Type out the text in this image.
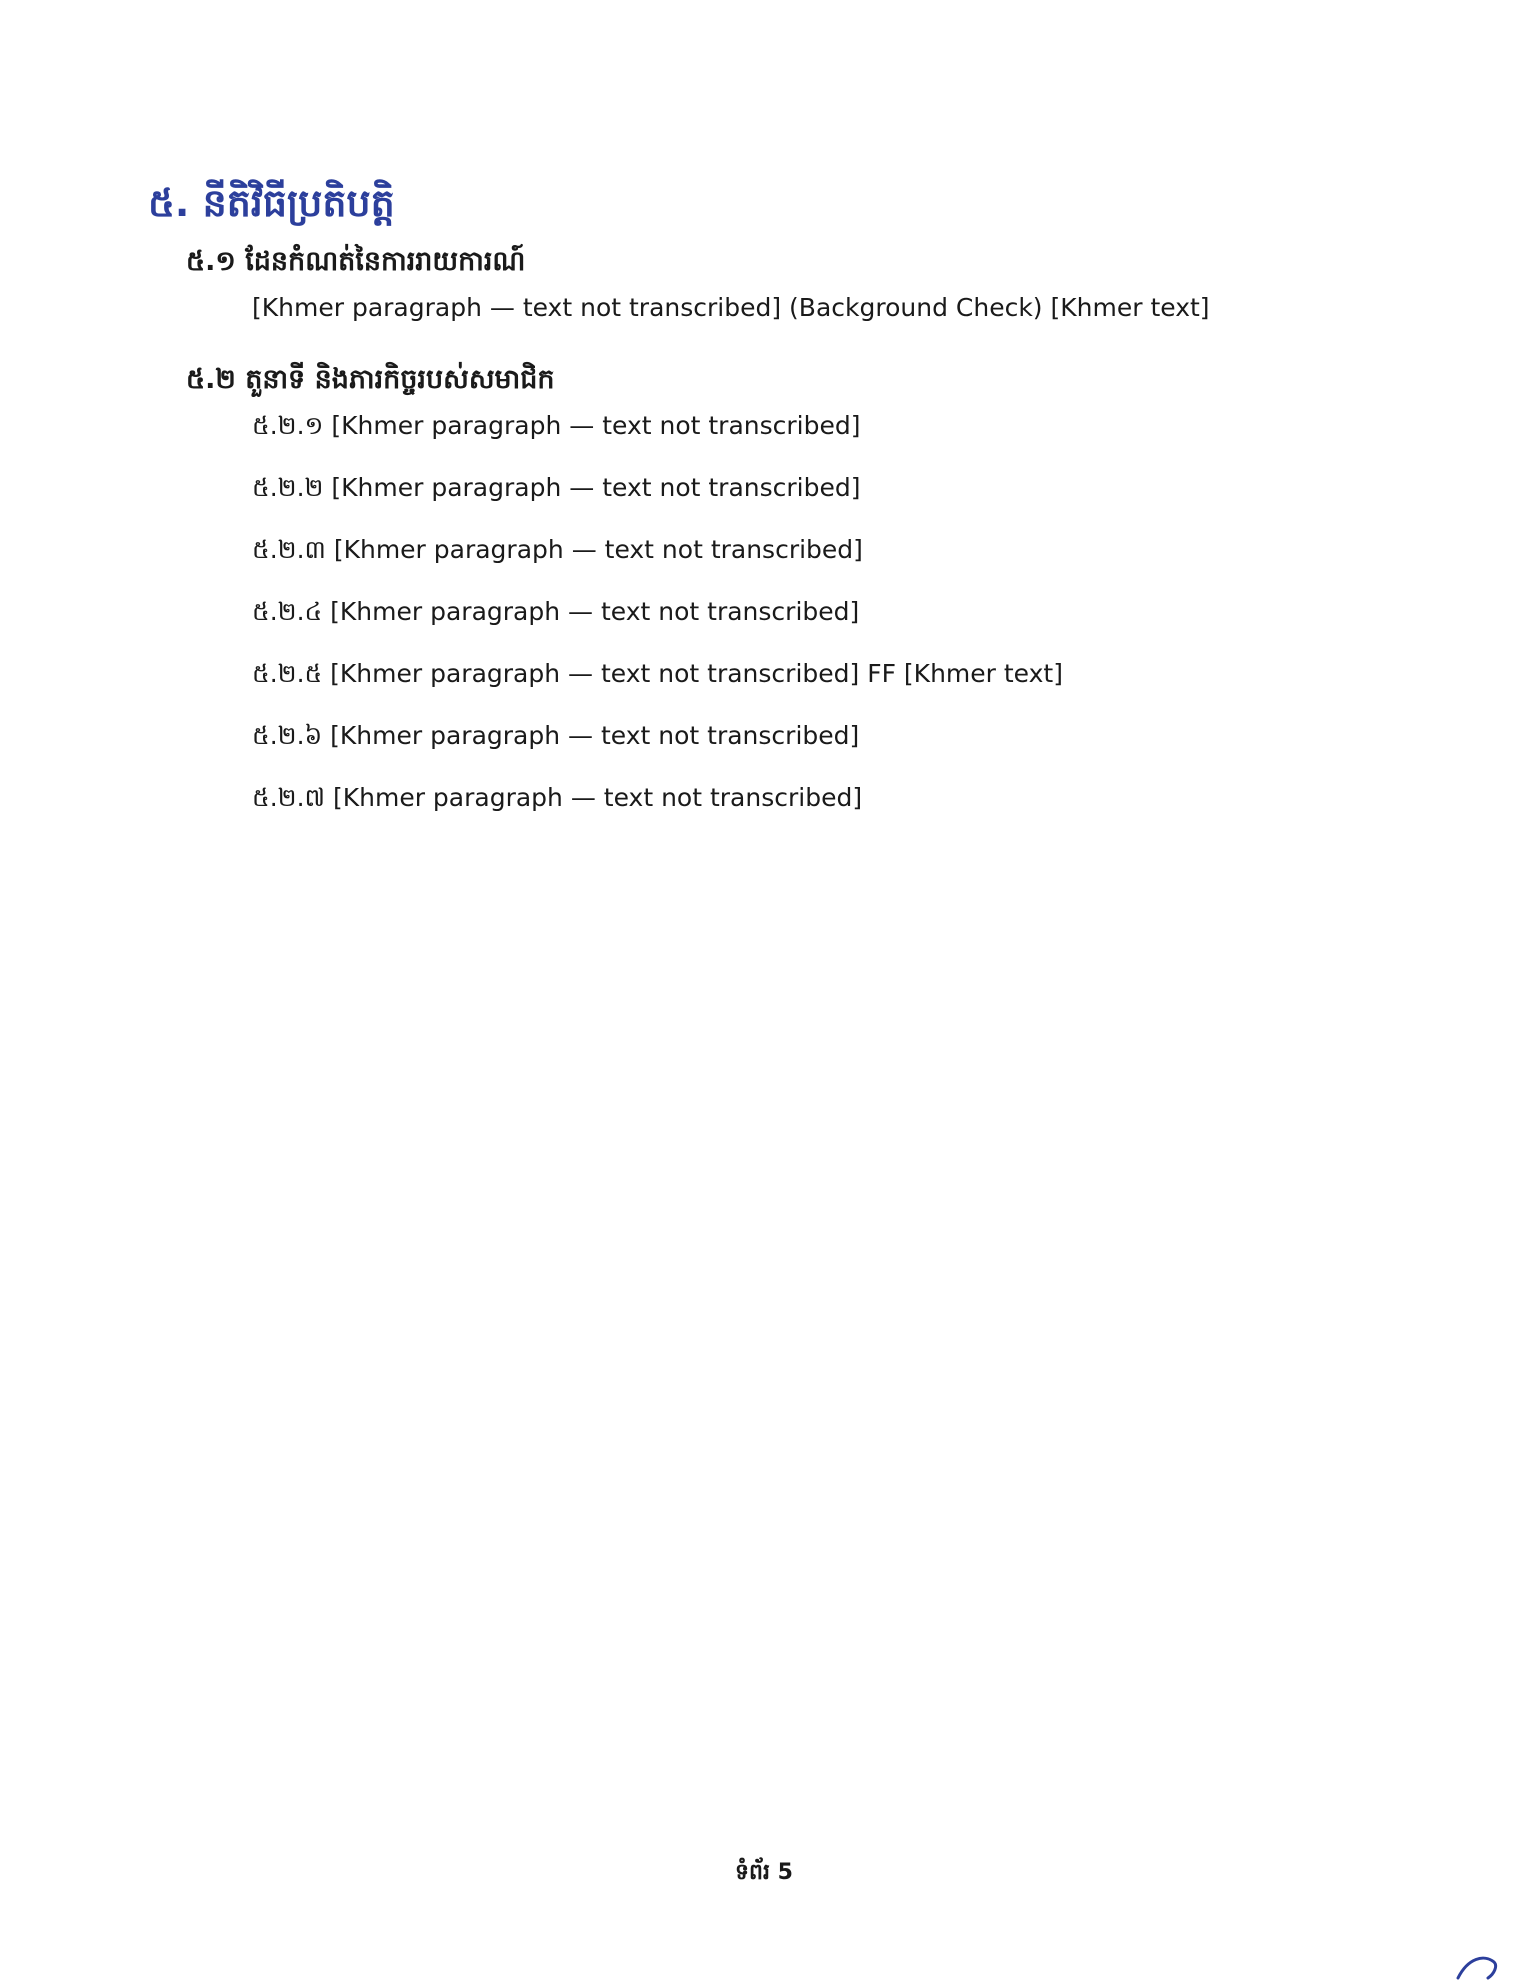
៥. នីតិវិធីប្រតិបត្តិ
៥.១ ដែនកំណត់នៃការរាយការណ៍

[Khmer paragraph — text not transcribed] (Background Check) [Khmer text]

៥.២ តួនាទី និងភារកិច្ចរបស់សមាជិក

៥.២.១ [Khmer paragraph — text not transcribed]

៥.២.២ [Khmer paragraph — text not transcribed]

៥.២.៣ [Khmer paragraph — text not transcribed]

៥.២.៤ [Khmer paragraph — text not transcribed]

៥.២.៥ [Khmer paragraph — text not transcribed] FF [Khmer text]

៥.២.៦ [Khmer paragraph — text not transcribed]

៥.២.៧ [Khmer paragraph — text not transcribed]

ទំព័រ 5
